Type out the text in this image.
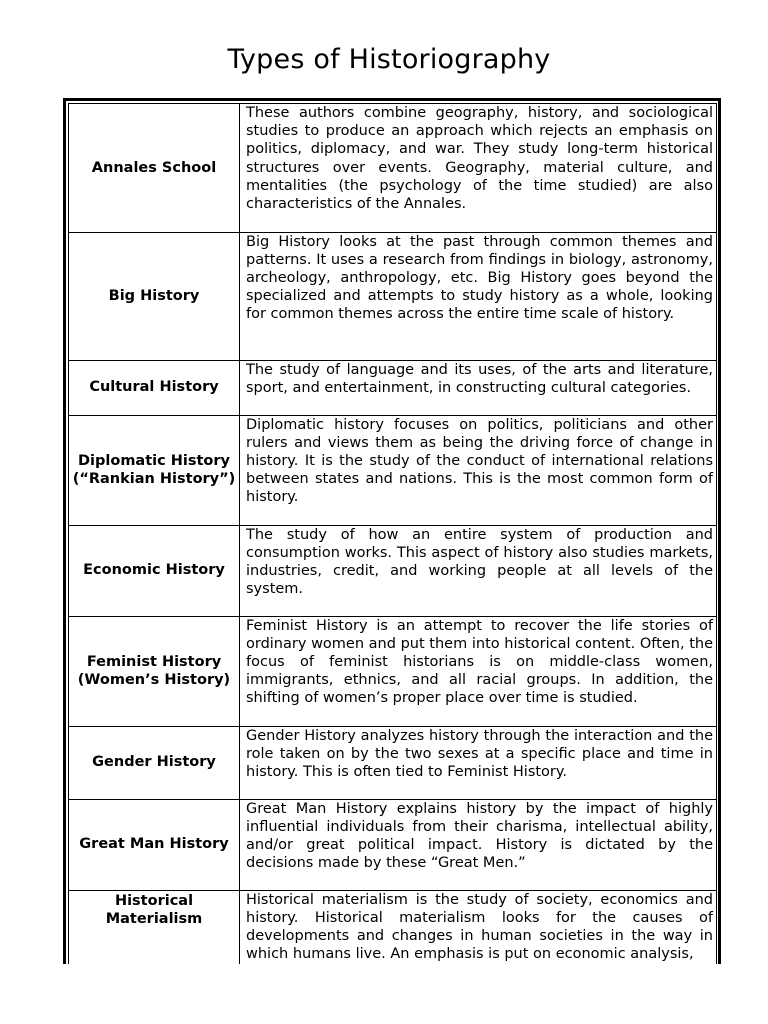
Types of Historiography
Annales School	These authors combine geography, history, and sociological studies to produce an approach which rejects an emphasis on politics, diplomacy, and war. They study long-term historical structures over events. Geography, material culture, and mentalities (the psychology of the time studied) are also characteristics of the Annales.
Big History	Big History looks at the past through common themes and patterns. It uses a research from findings in biology, astronomy, archeology, anthropology, etc. Big History goes beyond the specialized and attempts to study history as a whole, looking for common themes across the entire time scale of history.
Cultural History	The study of language and its uses, of the arts and literature, sport, and entertainment, in constructing cultural categories.
Diplomatic History (“Rankian History”)	Diplomatic history focuses on politics, politicians and other rulers and views them as being the driving force of change in history. It is the study of the conduct of international relations between states and nations. This is the most common form of history.
Economic History	The study of how an entire system of production and consumption works. This aspect of history also studies markets, industries, credit, and working people at all levels of the system.
Feminist History (Women’s History)	Feminist History is an attempt to recover the life stories of ordinary women and put them into historical content. Often, the focus of feminist historians is on middle-class women, immigrants, ethnics, and all racial groups. In addition, the shifting of women’s proper place over time is studied.
Gender History	Gender History analyzes history through the interaction and the role taken on by the two sexes at a specific place and time in history. This is often tied to Feminist History.
Great Man History	Great Man History explains history by the impact of highly influential individuals from their charisma, intellectual ability, and/or great political impact. History is dictated by the decisions made by these “Great Men.”
Historical Materialism	Historical materialism is the study of society, economics and history. Historical materialism looks for the causes of developments and changes in human societies in the way in which humans live. An emphasis is put on economic analysis,
